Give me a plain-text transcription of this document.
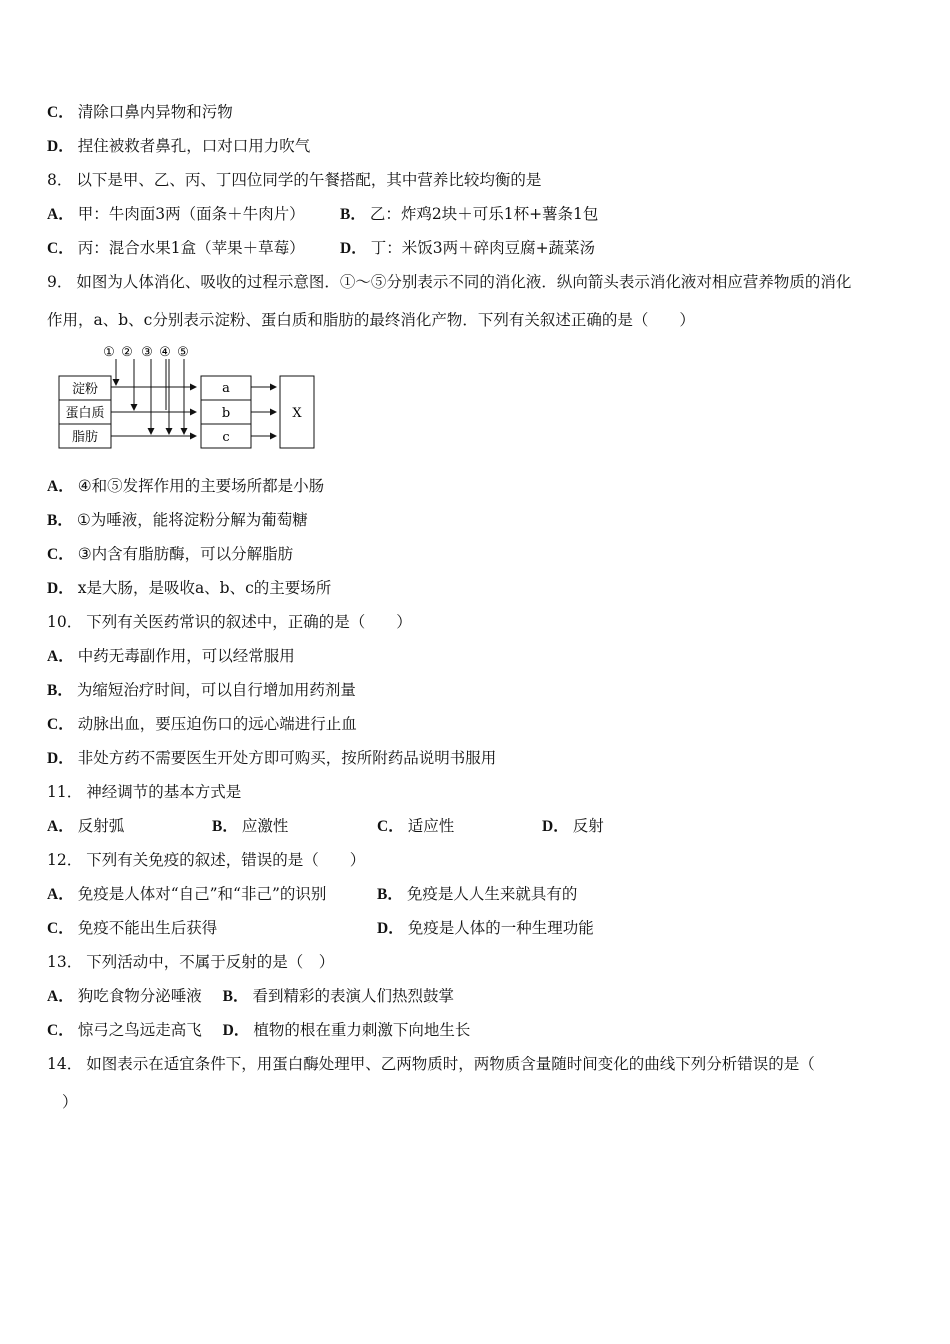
C． 清除口鼻内异物和污物
D． 捏住被救者鼻孔，口对口用力吹气
8． 以下是甲、乙、丙、丁四位同学的午餐搭配，其中营养比较均衡的是
A． 甲：牛肉面3两（面条＋牛肉片） B． 乙：炸鸡2块＋可乐1杯+薯条1包
C． 丙：混合水果1盒（苹果＋草莓） D． 丁：米饭3两＋碎肉豆腐+蔬菜汤
9． 如图为人体消化、吸收的过程示意图．①～⑤分别表示不同的消化液．纵向箭头表示消化液对相应营养物质的消化
作用，a、b、c分别表示淀粉、蛋白质和脂肪的最终消化产物．下列有关叙述正确的是（　　）
① ② ③ ④ ⑤
淀粉
蛋白质
脂肪
a
b
c
X
A． ④和⑤发挥作用的主要场所都是小肠
B． ①为唾液，能将淀粉分解为葡萄糖
C． ③内含有脂肪酶，可以分解脂肪
D． x是大肠，是吸收a、b、c的主要场所
10． 下列有关医药常识的叙述中，正确的是（　　）
A． 中药无毒副作用，可以经常服用
B． 为缩短治疗时间，可以自行增加用药剂量
C． 动脉出血，要压迫伤口的远心端进行止血
D． 非处方药不需要医生开处方即可购买，按所附药品说明书服用
11． 神经调节的基本方式是
A． 反射弧	B． 应激性	C． 适应性	D． 反射
12． 下列有关免疫的叙述，错误的是（　　）
A． 免疫是人体对“自己”和“非己”的识别	B． 免疫是人人生来就具有的
C． 免疫不能出生后获得	D． 免疫是人体的一种生理功能
13． 下列活动中，不属于反射的是（　）
A． 狗吃食物分泌唾液 B． 看到精彩的表演人们热烈鼓掌
C． 惊弓之鸟远走高飞 D． 植物的根在重力刺激下向地生长
14． 如图表示在适宜条件下，用蛋白酶处理甲、乙两物质时，两物质含量随时间变化的曲线下列分析错误的是（
）
